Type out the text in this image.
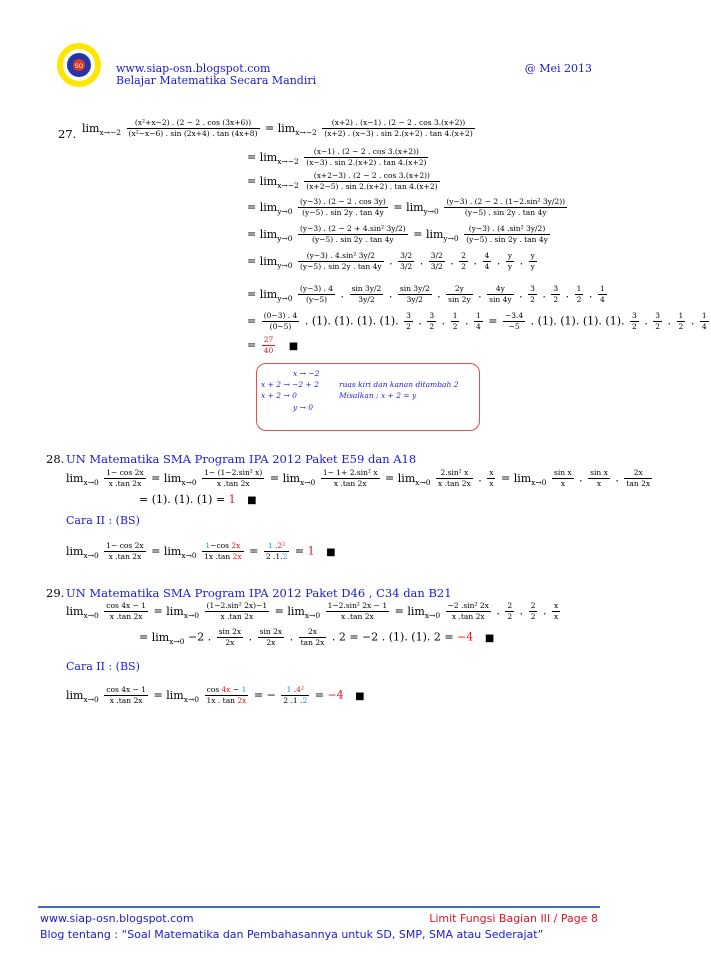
SO	www.siap-osn.blogspot.com
Belajar Matematika Secara Mandiri
@ Mei 2013
27. $\lim_{x\to-2} \frac{\text{(x²+x−2) . (2 − 2 . cos (3x+6))}}{\text{(x²−x−6) . sin (2x+4) . tan (4x+8)}} = \lim_{x\to-2} \frac{(x+2) . (x-1) . (2 - 2 . \cos 3.(x+2))}{(x+2) . (x-3) . \sin 2.(x+2) . \tan 4.(x+2)}$
= $\lim_{x\to-2} \frac{(x-1) . (2 - 2 . \cos 3.(x+2))}{(x-3) . \sin 2.(x+2) . \tan 4.(x+2)}$
= $\lim_{x\to-2} \frac{(x+2-3) . (2 - 2 . \cos 3.(x+2))}{(x+2-5) . \sin 2.(x+2) . \tan 4.(x+2)}$
= $\lim_{y\to 0} \frac{(y-3) . (2 - 2 . \cos 3y)}{(y-5) . \sin 2y . \tan 4y} = \lim_{y\to 0} \frac{\text{(y−3) . (2 − 2 . (1−2.sin² 3y/2))}}{(y-5) . \sin 2y . \tan 4y}$
= $\lim_{y\to 0} \frac{\text{(y−3) . (2 − 2 + 4.sin² 3y/2)}}{(y-5) . \sin 2y . \tan 4y} = \lim_{y\to 0} \frac{\text{(y−3) . (4 .sin² 3y/2)}}{(y-5) . \sin 2y . \tan 4y}$
= $\lim_{y\to 0} \frac{\text{(y−3) . 4.sin² 3y/2}}{(y-5) . \sin 2y . \tan 4y}$ . $\frac{3/2}{3/2}$ . $\frac{3/2}{3/2}$ . $\frac{2}{2}$ . $\frac{4}{4}$ . $\frac{y}{y}$ . $\frac{y}{y}$
= $\lim_{y\to 0} \frac{(y-3) . 4}{(y-5)}$ . $\frac{\sin 3y/2}{3y/2}$ . $\frac{\sin 3y/2}{3y/2}$ . $\frac{2y}{\sin 2y}$ . $\frac{4y}{\sin 4y}$ . $\frac{3}{2}$ . $\frac{3}{2}$ . $\frac{1}{2}$ . $\frac{1}{4}$
= $\frac{(0-3) . 4}{(0-5)}$ . (1). (1). (1). (1). $\frac{3}{2}$ . $\frac{3}{2}$ . $\frac{1}{2}$ . $\frac{1}{4} = \frac{-3.4}{-5}$ . (1). (1). (1). (1). $\frac{3}{2}$ . $\frac{3}{2}$ . $\frac{1}{2}$ . $\frac{1}{4}$
= $\frac{27}{40}$ ■
x → −2
x + 2 → −2 + 2	ruas kiri dan kanan ditambah 2
x + 2 → 0	Misalkan : x + 2 = y
y → 0
28. UN Matematika SMA Program IPA 2012 Paket E59 dan A18
$\lim_{x\to 0} \frac{1- \cos 2x}{x .\tan 2x} = \lim_{x\to 0} \frac{\text{1− (1−2.sin² x)}}{x .\tan 2x} = \lim_{x\to 0} \frac{\text{1− 1+ 2.sin² x}}{x .\tan 2x} = \lim_{x\to 0} \frac{\text{2.sin² x}}{x .\tan 2x}$ . $\frac{x}{x} = \lim_{x\to 0} \frac{\text{sin x}}{x}$ . $\frac{\text{sin x}}{x}$ . $\frac{2x}{\tan 2x}$
= (1). (1). (1) = 1 ■
Cara II : (BS)
$\lim_{x\to 0} \frac{1- \cos 2x}{x .\tan 2x} = \lim_{x\to 0} \frac{1-\cos 2x}{1x .\tan 2x} = \frac{\text{1 .2²}}{2 .1.2} = 1$ ■
29. UN Matematika SMA Program IPA 2012 Paket D46 , C34 dan B21
$\lim_{x\to 0} \frac{\cos 4x - 1}{x .\tan 2x} = \lim_{x\to 0} \frac{\text{(1−2.sin² 2x)−1}}{x .\tan 2x} = \lim_{x\to 0} \frac{\text{1−2.sin² 2x − 1}}{x .\tan 2x} = \lim_{x\to 0} \frac{\text{−2 .sin² 2x}}{x .\tan 2x}$ . $\frac{2}{2}$ . $\frac{2}{2}$ . $\frac{x}{x}$
= $\lim_{x\to 0} -2$ . $\frac{\sin 2x}{2x}$ . $\frac{\sin 2x}{2x}$ . $\frac{2x}{\tan 2x}$ . 2 = −2 . (1). (1). 2 = −4 ■
Cara II : (BS)
$\lim_{x\to 0} \frac{\cos 4x - 1}{x .\tan 2x} = \lim_{x\to 0} \frac{\cos 4x - 1}{1x . \tan 2x}$ = − $\frac{\text{1 .4²}}{2 .1 .2} = -4$ ■
www.siap-osn.blogspot.com
Blog tentang : “Soal Matematika dan Pembahasannya untuk SD, SMP, SMA atau Sederajat”
Limit Fungsi Bagian III / Page 8
